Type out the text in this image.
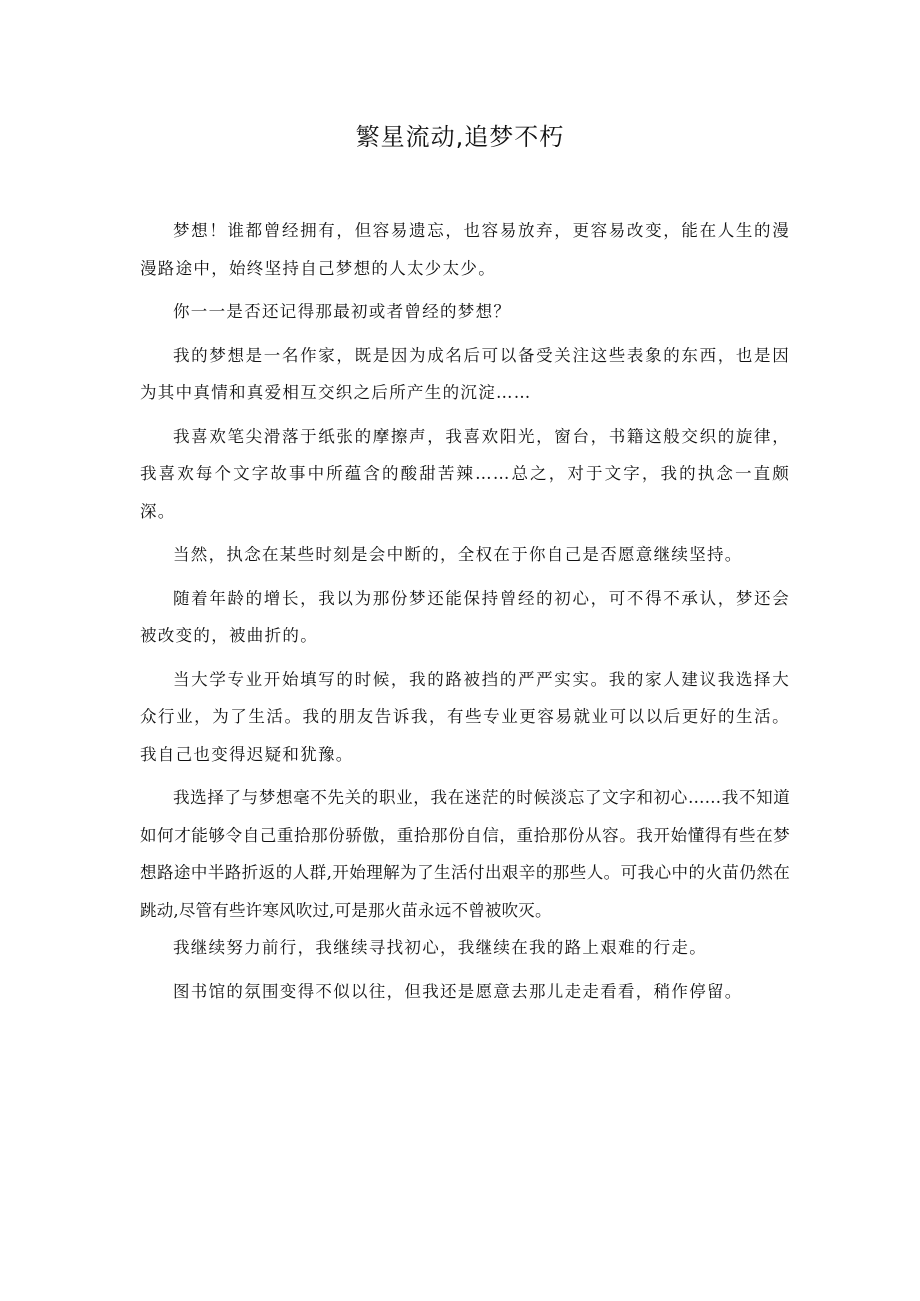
繁星流动,追梦不朽

梦想！谁都曾经拥有，但容易遗忘，也容易放弃，更容易改变，能在人生的漫漫路途中，始终坚持自己梦想的人太少太少。

你一一是否还记得那最初或者曾经的梦想？

我的梦想是一名作家，既是因为成名后可以备受关注这些表象的东西，也是因为其中真情和真爱相互交织之后所产生的沉淀……

我喜欢笔尖滑落于纸张的摩擦声，我喜欢阳光，窗台，书籍这般交织的旋律，我喜欢每个文字故事中所蕴含的酸甜苦辣……总之，对于文字，我的执念一直颇深。

当然，执念在某些时刻是会中断的，全权在于你自己是否愿意继续坚持。

随着年龄的增长，我以为那份梦还能保持曾经的初心，可不得不承认，梦还会被改变的，被曲折的。

当大学专业开始填写的时候，我的路被挡的严严实实。我的家人建议我选择大众行业，为了生活。我的朋友告诉我，有些专业更容易就业可以以后更好的生活。我自己也变得迟疑和犹豫。

我选择了与梦想毫不先关的职业，我在迷茫的时候淡忘了文字和初心……我不知道如何才能够令自己重拾那份骄傲，重拾那份自信，重拾那份从容。我开始懂得有些在梦想路途中半路折返的人群,开始理解为了生活付出艰辛的那些人。可我心中的火苗仍然在跳动,尽管有些许寒风吹过,可是那火苗永远不曾被吹灭。

我继续努力前行，我继续寻找初心，我继续在我的路上艰难的行走。

图书馆的氛围变得不似以往，但我还是愿意去那儿走走看看，稍作停留。
